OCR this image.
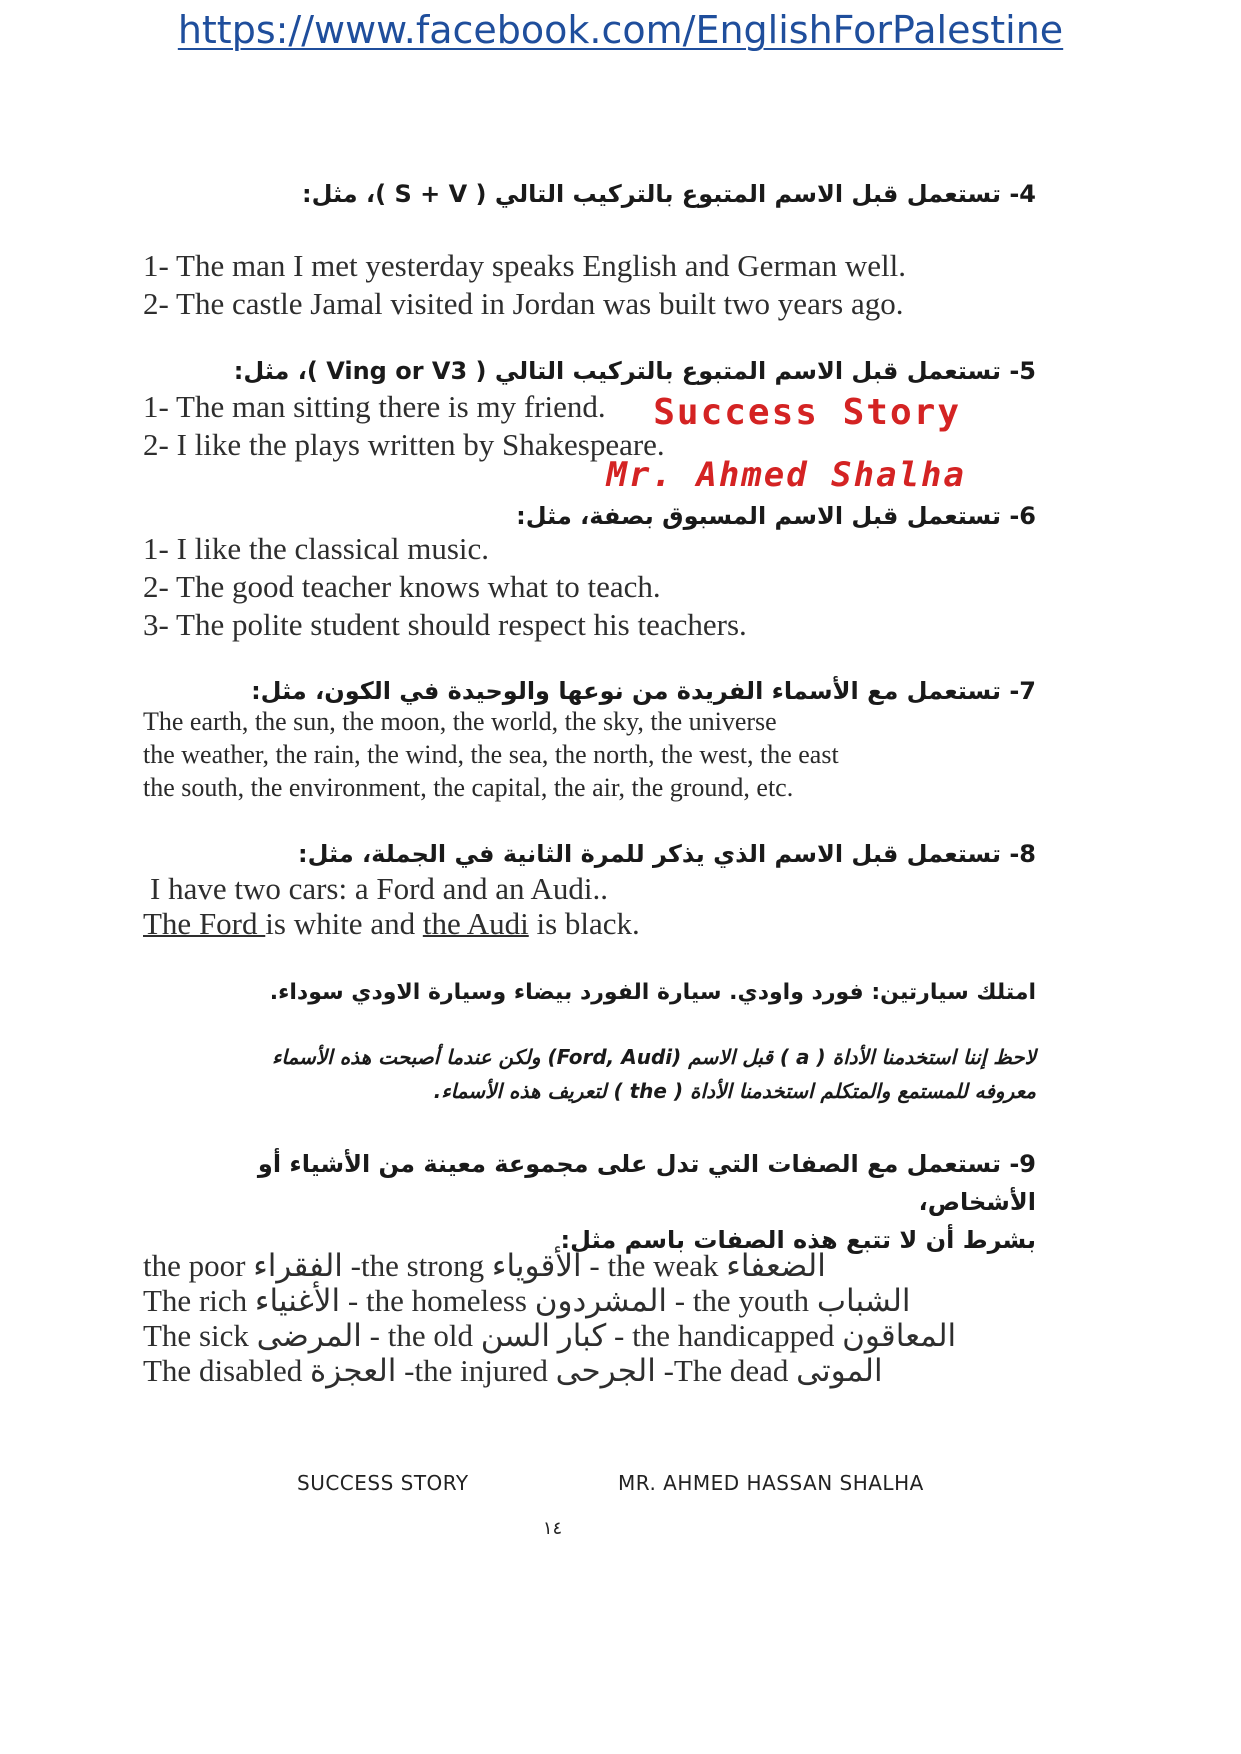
https://www.facebook.com/EnglishForPalestine
4- تستعمل قبل الاسم المتبوع بالتركيب التالي ( S + V )، مثل:
1- The man I met yesterday speaks English and German well.
2- The castle Jamal visited in Jordan was built two years ago.
5- تستعمل قبل الاسم المتبوع بالتركيب التالي ( Ving or V3 )، مثل:
1- The man sitting there is my friend.
2- I like the plays written by Shakespeare.
Success Story
Mr. Ahmed Shalha
6- تستعمل قبل الاسم المسبوق بصفة، مثل:
1- I like the classical music.
2- The good teacher knows what to teach.
3- The polite student should respect his teachers.
7- تستعمل مع الأسماء الفريدة من نوعها والوحيدة في الكون، مثل:
The earth, the sun, the moon, the world, the sky, the universe
the weather, the rain, the wind, the sea, the north, the west, the east
the south, the environment, the capital, the air, the ground, etc.
8- تستعمل قبل الاسم الذي يذكر للمرة الثانية في الجملة، مثل:
I have two cars: a Ford and an Audi..
The Ford is white and the Audi is black.
امتلك سيارتين: فورد واودي. سيارة الفورد بيضاء وسيارة الاودي سوداء.
لاحظ إننا استخدمنا الأداة ( a ) قبل الاسم (Ford, Audi) ولكن عندما أصبحت هذه الأسماء
معروفه للمستمع والمتكلم استخدمنا الأداة ( the ) لتعريف هذه الأسماء.
9- تستعمل مع الصفات التي تدل على مجموعة معينة من الأشياء أو الأشخاص،
بشرط أن لا تتبع هذه الصفات باسم مثل:
the poor الفقراء -the strong الأقوياء - the weak الضعفاء
The rich الأغنياء - the homeless المشردون - the youth الشباب
The sick المرضى - the old كبار السن - the handicapped المعاقون
The disabled العجزة -the injured الجرحى -The dead الموتى
SUCCESS STORY	MR. AHMED HASSAN SHALHA
١٤
